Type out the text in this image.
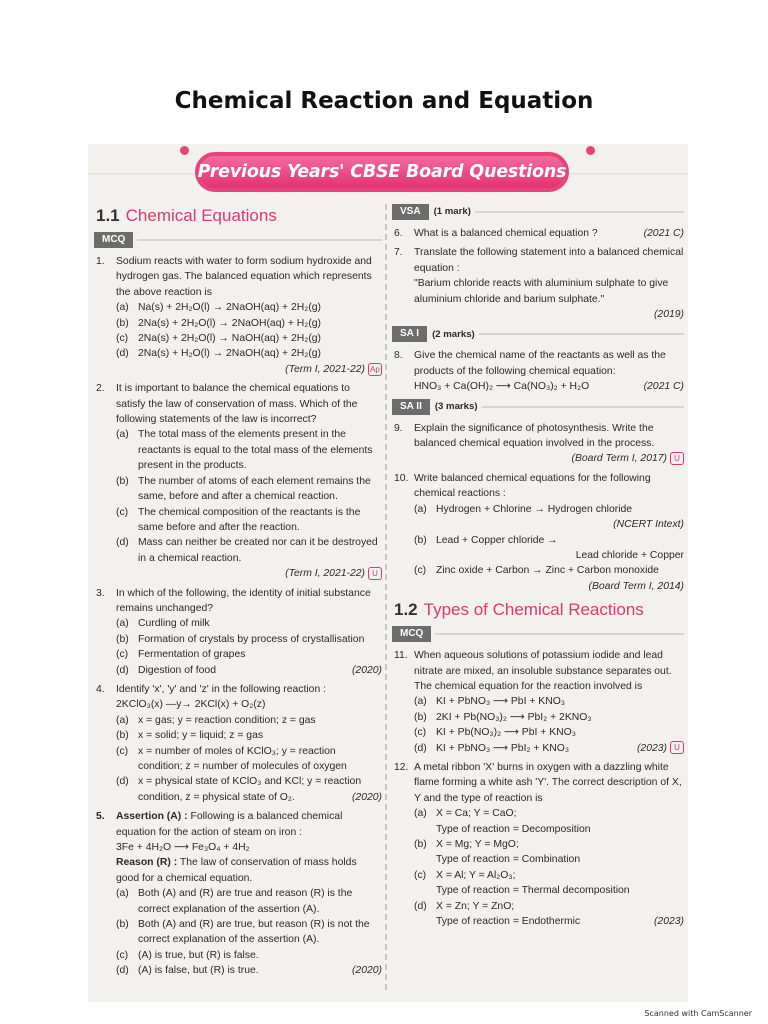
Chemical Reaction and Equation
Previous Years' CBSE Board Questions
1.1 Chemical Equations
MCQ
1.	Sodium reacts with water to form sodium hydroxide and hydrogen gas. The balanced equation which represents the above reaction is
(a) Na(s) + 2H₂O(l) → 2NaOH(aq) + 2H₂(g)
(b) 2Na(s) + 2H₂O(l) → 2NaOH(aq) + H₂(g)
(c) 2Na(s) + 2H₂O(l) → NaOH(aq) + 2H₂(g)
(d) 2Na(s) + H₂O(l) → 2NaOH(aq) + 2H₂(g)
(Term I, 2021-22) Ap
2.	It is important to balance the chemical equations to satisfy the law of conservation of mass. Which of the following statements of the law is incorrect?
(a) The total mass of the elements present in the reactants is equal to the total mass of the elements present in the products.
(b) The number of atoms of each element remains the same, before and after a chemical reaction.
(c) The chemical composition of the reactants is the same before and after the reaction.
(d) Mass can neither be created nor can it be destroyed in a chemical reaction.
(Term I, 2021-22) U
3.	In which of the following, the identity of initial substance remains unchanged?
(a) Curdling of milk
(b) Formation of crystals by process of crystallisation
(c) Fermentation of grapes
(d) Digestion of food	(2020)
4.	Identify 'x', 'y' and 'z' in the following reaction :
2KClO₃(x) —y→ 2KCl(x) + O₂(z)
(a) x = gas; y = reaction condition; z = gas
(b) x = solid; y = liquid; z = gas
(c) x = number of moles of KClO₃; y = reaction condition; z = number of molecules of oxygen
(d) x = physical state of KClO₃ and KCl; y = reaction condition, z = physical state of O₂.	(2020)
5.	Assertion (A) : Following is a balanced chemical equation for the action of steam on iron :
3Fe + 4H₂O ⟶ Fe₃O₄ + 4H₂
Reason (R) : The law of conservation of mass holds good for a chemical equation.
(a) Both (A) and (R) are true and reason (R) is the correct explanation of the assertion (A).
(b) Both (A) and (R) are true, but reason (R) is not the correct explanation of the assertion (A).
(c) (A) is true, but (R) is false.
(d) (A) is false, but (R) is true.	(2020)
VSA	(1 mark)
6.	What is a balanced chemical equation ?	(2021 C)
7.	Translate the following statement into a balanced chemical equation :
"Barium chloride reacts with aluminium sulphate to give aluminium chloride and barium sulphate."
(2019)
SA I	(2 marks)
8.	Give the chemical name of the reactants as well as the products of the following chemical equation:
HNO₃ + Ca(OH)₂ ⟶ Ca(NO₃)₂ + H₂O	(2021 C)
SA II	(3 marks)
9.	Explain the significance of photosynthesis. Write the balanced chemical equation involved in the process.
(Board Term I, 2017) U
10. Write balanced chemical equations for the following chemical reactions :
(a) Hydrogen + Chlorine → Hydrogen chloride
(NCERT Intext)
(b) Lead + Copper chloride →
Lead chloride + Copper
(c) Zinc oxide + Carbon → Zinc + Carbon monoxide
(Board Term I, 2014)
1.2 Types of Chemical Reactions
MCQ
11. When aqueous solutions of potassium iodide and lead nitrate are mixed, an insoluble substance separates out. The chemical equation for the reaction involved is
(a) KI + PbNO₃ ⟶ PbI + KNO₃
(b) 2KI + Pb(NO₃)₂ ⟶ PbI₂ + 2KNO₃
(c) KI + Pb(NO₃)₂ ⟶ PbI + KNO₃
(d) KI + PbNO₃ ⟶ PbI₂ + KNO₃	(2023) U
12. A metal ribbon 'X' burns in oxygen with a dazzling white flame forming a white ash 'Y'. The correct description of X, Y and the type of reaction is
(a) X = Ca; Y = CaO;
Type of reaction = Decomposition
(b) X = Mg; Y = MgO;
Type of reaction = Combination
(c) X = Al; Y = Al₂O₃;
Type of reaction = Thermal decomposition
(d) X = Zn; Y = ZnO;
Type of reaction = Endothermic	(2023)
Scanned with CamScanner
